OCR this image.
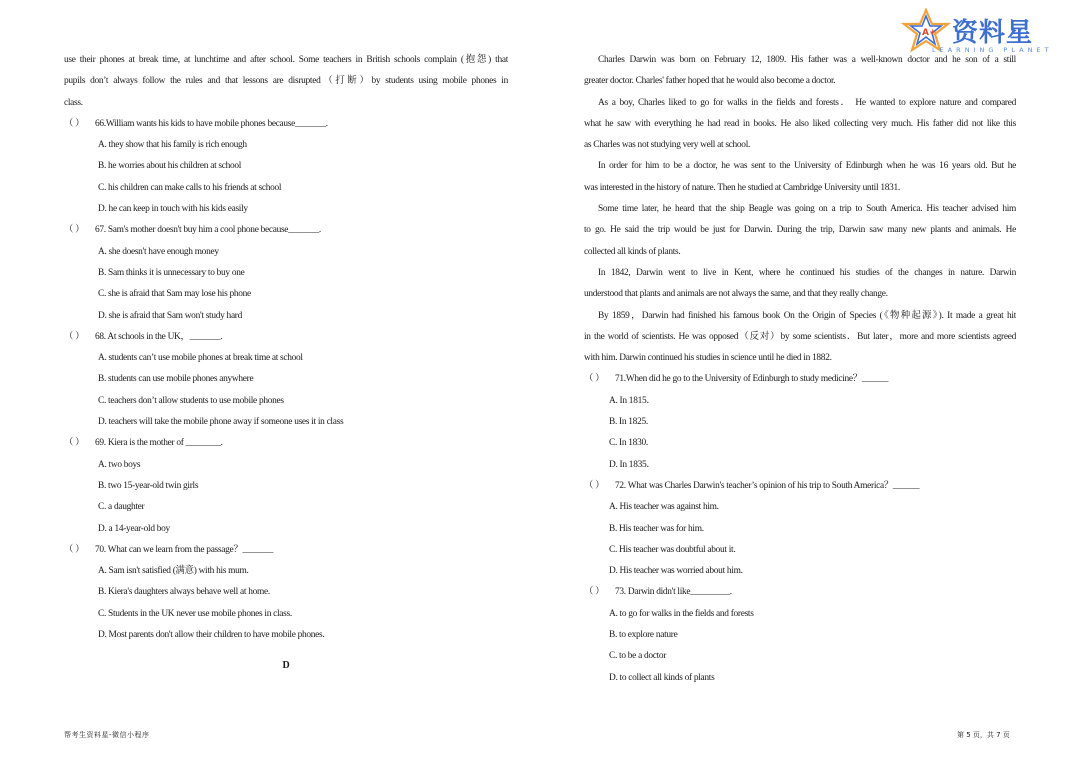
A+ 资料星
LEARNING PLANET
use their phones at break time, at lunchtime and after school. Some teachers in British schools complain (抱怨) that
pupils don’t always follow the rules and that lessons are disrupted（打断）by students using mobile phones in
class.
（ ） 66.William wants his kids to have mobile phones because_______.
A. they show that his family is rich enough
B. he worries about his children at school
C. his children can make calls to his friends at school
D. he can keep in touch with his kids easily
（ ） 67. Sam's mother doesn't buy him a cool phone because_______.
A. she doesn't have enough money
B. Sam thinks it is unnecessary to buy one
C. she is afraid that Sam may lose his phone
D. she is afraid that Sam won't study hard
（ ） 68. At schools in the UK，_______.
A. students can’t use mobile phones at break time at school
B. students can use mobile phones anywhere
C. teachers don’t allow students to use mobile phones
D. teachers will take the mobile phone away if someone uses it in class
（ ） 69. Kiera is the mother of ________.
A. two boys
B. two 15-year-old twin girls
C. a daughter
D. a 14-year-old boy
（ ） 70. What can we learn from the passage？_______
A. Sam isn't satisfied (满意) with his mum.
B. Kiera's daughters always behave well at home.
C. Students in the UK never use mobile phones in class.
D. Most parents don't allow their children to have mobile phones.
D
Charles Darwin was born on February 12, 1809. His father was a well-known doctor and he son of a still
greater doctor. Charles' father hoped that he would also become a doctor.
As a boy, Charles liked to go for walks in the fields and forests． He wanted to explore nature and compared
what he saw with everything he had read in books. He also liked collecting very much. His father did not like this
as Charles was not studying very well at school.
In order for him to be a doctor, he was sent to the University of Edinburgh when he was 16 years old. But he
was interested in the history of nature. Then he studied at Cambridge University until 1831.
Some time later, he heard that the ship Beagle was going on a trip to South America. His teacher advised him
to go. He said the trip would be just for Darwin. During the trip, Darwin saw many new plants and animals. He
collected all kinds of plants.
In 1842, Darwin went to live in Kent, where he continued his studies of the changes in nature. Darwin
understood that plants and animals are not always the same, and that they really change.
By 1859，Darwin had finished his famous book On the Origin of Species (《物种起源》). It made a great hit
in the world of scientists. He was opposed（反对）by some scientists．But later，more and more scientists agreed
with him. Darwin continued his studies in science until he died in 1882.
（ ） 71.When did he go to the University of Edinburgh to study medicine？______
A. In 1815．
B. In 1825.
C. In 1830.
D. In 1835．
（ ） 72. What was Charles Darwin's teacher’s opinion of his trip to South America？______
A. His teacher was against him.
B. His teacher was for him.
C. His teacher was doubtful about it.
D. His teacher was worried about him.
（ ） 73. Darwin didn't like_________.
A. to go for walks in the fields and forests
B. to explore nature
C. to be a doctor
D. to collect all kinds of plants
帮考生资料星-微信小程序	第 5 页，共 7 页
